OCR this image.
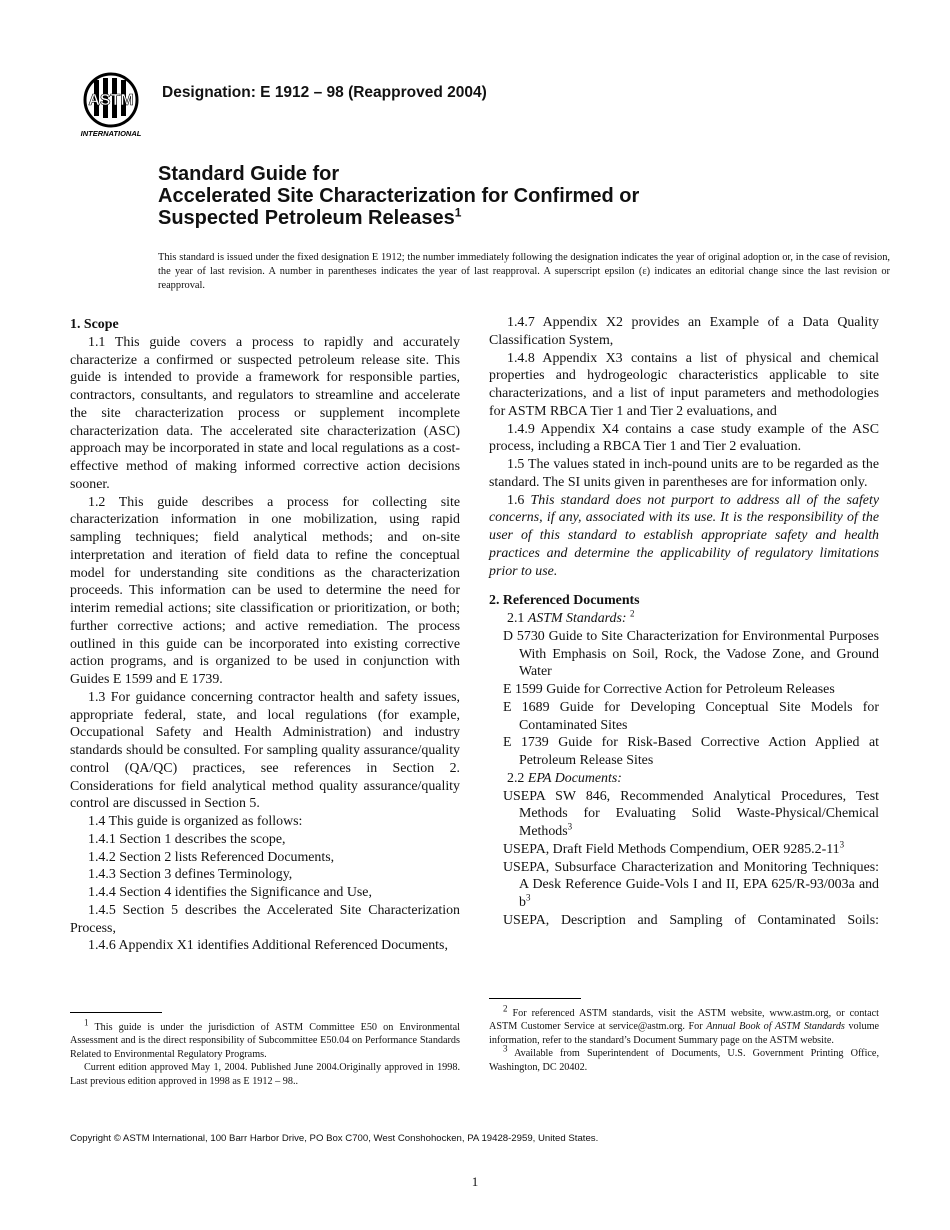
ASTM
INTERNATIONAL
Designation: E 1912 – 98 (Reapproved 2004)
Standard Guide for
Accelerated Site Characterization for Confirmed or
Suspected Petroleum Releases$^1$
This standard is issued under the fixed designation E 1912; the number immediately following the designation indicates the year of original adoption or, in the case of revision, the year of last revision. A number in parentheses indicates the year of last reapproval. A superscript epsilon (ε) indicates an editorial change since the last revision or reapproval.

1. Scope

1.1 This guide covers a process to rapidly and accurately characterize a confirmed or suspected petroleum release site. This guide is intended to provide a framework for responsible parties, contractors, consultants, and regulators to streamline and accelerate the site characterization process or supplement incomplete characterization data. The accelerated site characterization (ASC) approach may be incorporated in state and local regulations as a cost-effective method of making informed corrective action decisions sooner.

1.2 This guide describes a process for collecting site characterization information in one mobilization, using rapid sampling techniques; field analytical methods; and on-site interpretation and iteration of field data to refine the conceptual model for understanding site conditions as the characterization proceeds. This information can be used to determine the need for interim remedial actions; site classification or prioritization, or both; further corrective actions; and active remediation. The process outlined in this guide can be incorporated into existing corrective action programs, and is organized to be used in conjunction with Guides E 1599 and E 1739.

1.3 For guidance concerning contractor health and safety issues, appropriate federal, state, and local regulations (for example, Occupational Safety and Health Administration) and industry standards should be consulted. For sampling quality assurance/quality control (QA/QC) practices, see references in Section 2. Considerations for field analytical method quality assurance/quality control are discussed in Section 5.

1.4 This guide is organized as follows:

1.4.1 Section 1 describes the scope,

1.4.2 Section 2 lists Referenced Documents,

1.4.3 Section 3 defines Terminology,

1.4.4 Section 4 identifies the Significance and Use,

1.4.5 Section 5 describes the Accelerated Site Characterization Process,

1.4.6 Appendix X1 identifies Additional Referenced Documents,

1.4.7 Appendix X2 provides an Example of a Data Quality Classification System,

1.4.8 Appendix X3 contains a list of physical and chemical properties and hydrogeologic characteristics applicable to site characterizations, and a list of input parameters and methodologies for ASTM RBCA Tier 1 and Tier 2 evaluations, and

1.4.9 Appendix X4 contains a case study example of the ASC process, including a RBCA Tier 1 and Tier 2 evaluation.

1.5 The values stated in inch-pound units are to be regarded as the standard. The SI units given in parentheses are for information only.

1.6 This standard does not purport to address all of the safety concerns, if any, associated with its use. It is the responsibility of the user of this standard to establish appropriate safety and health practices and determine the applicability of regulatory limitations prior to use.

2. Referenced Documents

2.1 ASTM Standards: $^2$

D 5730 Guide to Site Characterization for Environmental Purposes With Emphasis on Soil, Rock, the Vadose Zone, and Ground Water

E 1599 Guide for Corrective Action for Petroleum Releases

E 1689 Guide for Developing Conceptual Site Models for Contaminated Sites

E 1739 Guide for Risk-Based Corrective Action Applied at Petroleum Release Sites

2.2 EPA Documents:

USEPA SW 846, Recommended Analytical Procedures, Test Methods for Evaluating Solid Waste-Physical/Chemical Methods$^3$

USEPA, Draft Field Methods Compendium, OER $9285.2-11^3$

USEPA, Subsurface Characterization and Monitoring Techniques: A Desk Reference Guide-Vols I and II, EPA 625/R-93/003a and $b^3$

USEPA, Description and Sampling of Contaminated Soils:

$^1$ This guide is under the jurisdiction of ASTM Committee E50 on Environmental Assessment and is the direct responsibility of Subcommittee E50.04 on Performance Standards Related to Environmental Regulatory Programs.

Current edition approved May 1, 2004. Published June 2004.Originally approved in 1998. Last previous edition approved in 1998 as E 1912 – 98..

$^2$ For referenced ASTM standards, visit the ASTM website, www.astm.org, or contact ASTM Customer Service at service@astm.org. For Annual Book of ASTM Standards volume information, refer to the standard’s Document Summary page on the ASTM website.

$^3$ Available from Superintendent of Documents, U.S. Government Printing Office, Washington, DC 20402.

Copyright © ASTM International, 100 Barr Harbor Drive, PO Box C700, West Conshohocken, PA 19428-2959, United States.
1
